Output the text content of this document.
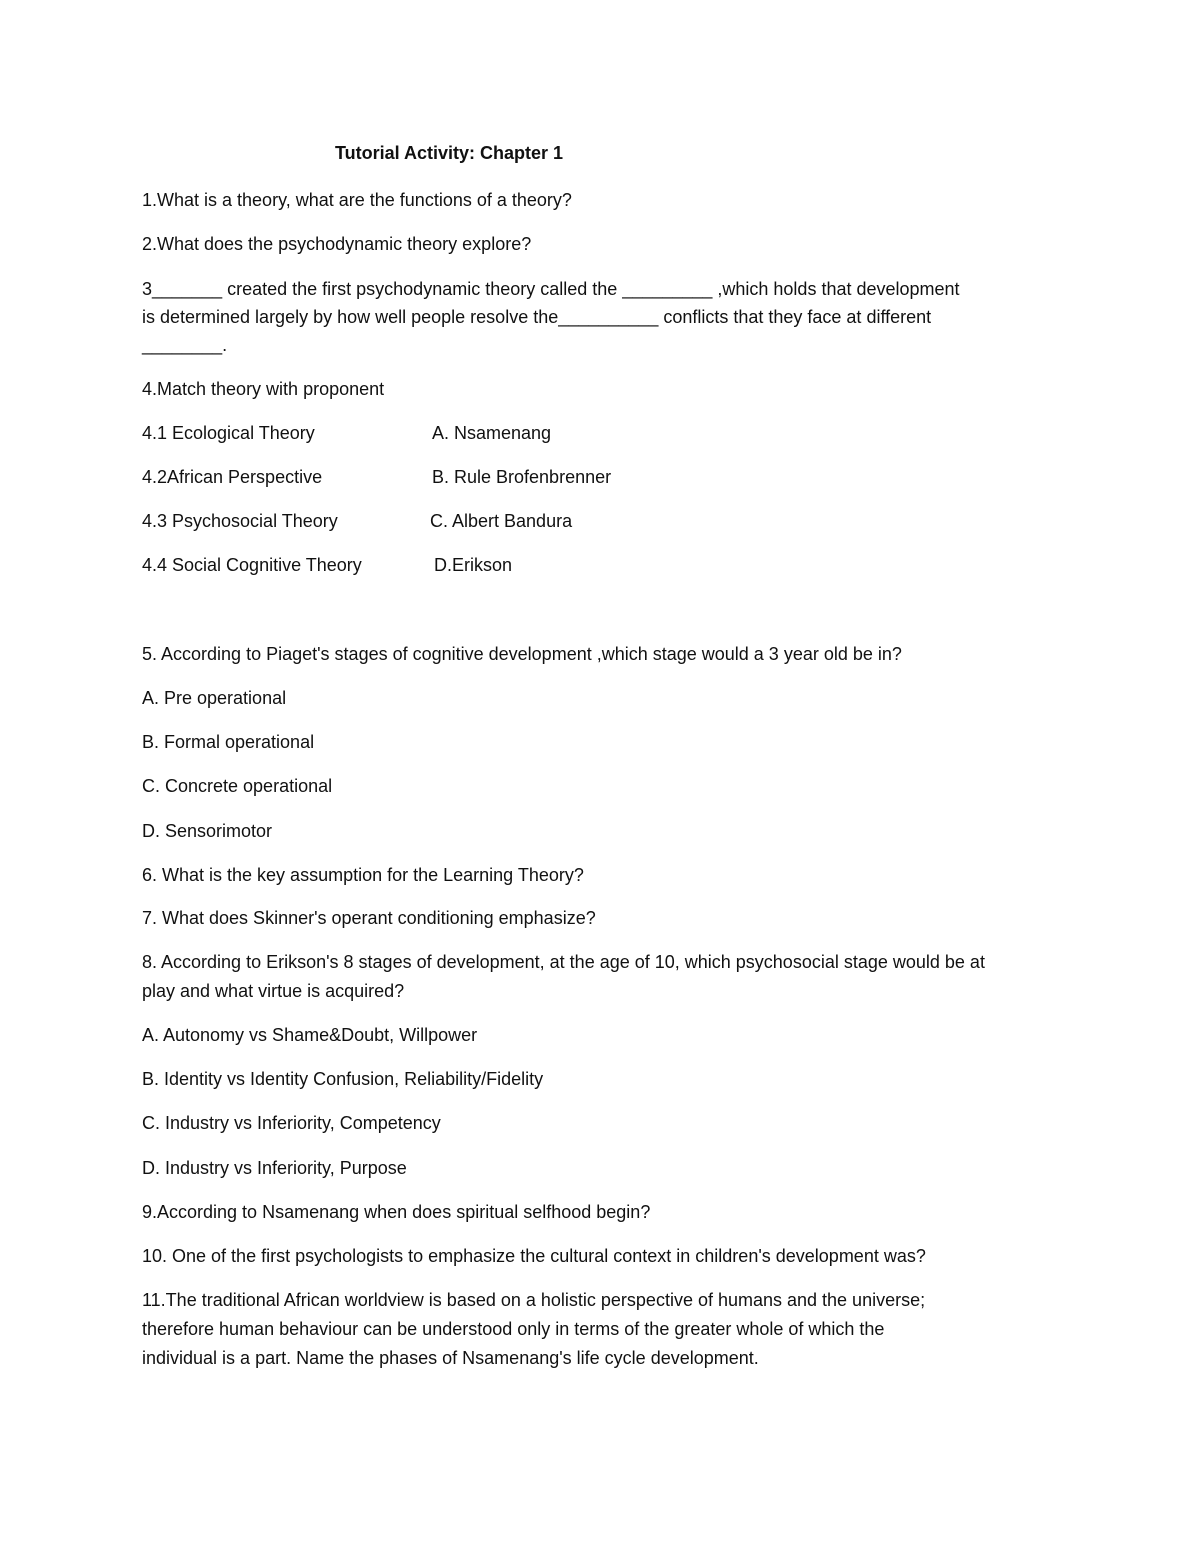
Tutorial Activity: Chapter 1
1.What is a theory, what are the functions of a theory?
2.What does the psychodynamic theory explore?
3_______ created the first psychodynamic theory called the _________ ,which holds that development
is determined largely by how well people resolve the__________ conflicts that they face at different
________.
4.Match theory with proponent
4.1 Ecological Theory	A. Nsamenang
4.2African Perspective	B. Rule Brofenbrenner
4.3 Psychosocial Theory	C. Albert Bandura
4.4 Social Cognitive Theory	D.Erikson
5. According to Piaget's stages of cognitive development ,which stage would a 3 year old be in?
A. Pre operational
B. Formal operational
C. Concrete operational
D. Sensorimotor
6. What is the key assumption for the Learning Theory?
7. What does Skinner's operant conditioning emphasize?
8. According to Erikson's 8 stages of development, at the age of 10, which psychosocial stage would be at
play and what virtue is acquired?
A. Autonomy vs Shame&Doubt, Willpower
B. Identity vs Identity Confusion, Reliability/Fidelity
C. Industry vs Inferiority, Competency
D. Industry vs Inferiority, Purpose
9.According to Nsamenang when does spiritual selfhood begin?
10. One of the first psychologists to emphasize the cultural context in children's development was?
11.The traditional African worldview is based on a holistic perspective of humans and the universe;
therefore human behaviour can be understood only in terms of the greater whole of which the
individual is a part. Name the phases of Nsamenang's life cycle development.
